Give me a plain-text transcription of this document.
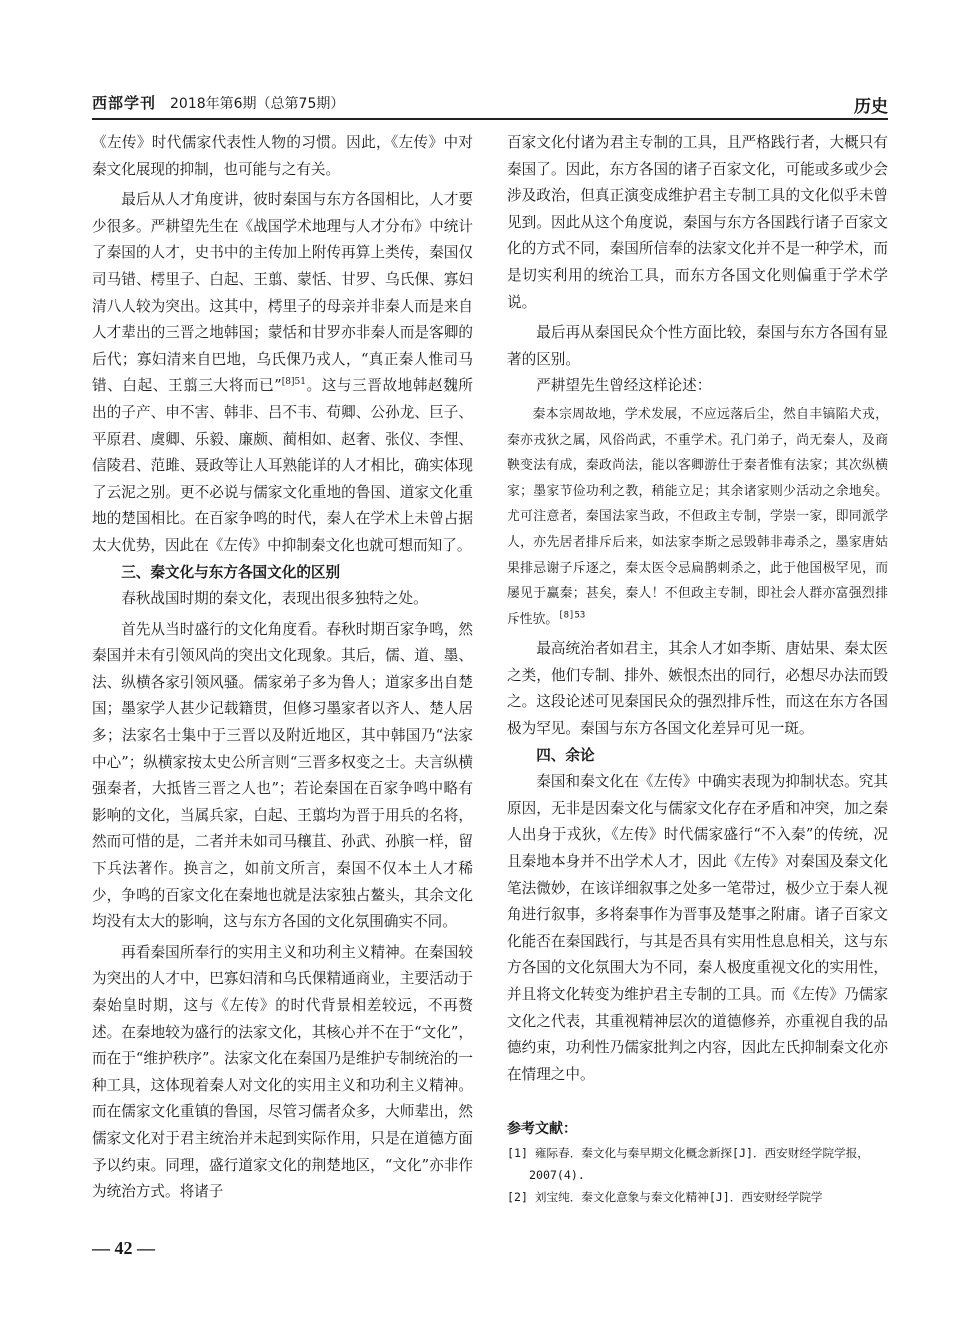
西部学刊 2018年第6期（总第75期）	历史

《左传》时代儒家代表性人物的习惯。因此，《左传》中对秦文化展现的抑制，也可能与之有关。

最后从人才角度讲，彼时秦国与东方各国相比，人才要少很多。严耕望先生在《战国学术地理与人才分布》中统计了秦国的人才，史书中的主传加上附传再算上类传，秦国仅司马错、樗里子、白起、王翦、蒙恬、甘罗、乌氏倮、寡妇清八人较为突出。这其中，樗里子的母亲并非秦人而是来自人才辈出的三晋之地韩国；蒙恬和甘罗亦非秦人而是客卿的后代；寡妇清来自巴地，乌氏倮乃戎人，“真正秦人惟司马错、白起、王翦三大将而已”$^{[8]51}$。这与三晋故地韩赵魏所出的子产、申不害、韩非、吕不韦、荀卿、公孙龙、巨子、平原君、虞卿、乐毅、廉颇、蔺相如、赵奢、张仪、李悝、信陵君、范雎、聂政等让人耳熟能详的人才相比，确实体现了云泥之别。更不必说与儒家文化重地的鲁国、道家文化重地的楚国相比。在百家争鸣的时代，秦人在学术上未曾占据太大优势，因此在《左传》中抑制秦文化也就可想而知了。

三、秦文化与东方各国文化的区别

春秋战国时期的秦文化，表现出很多独特之处。

首先从当时盛行的文化角度看。春秋时期百家争鸣，然秦国并未有引领风尚的突出文化现象。其后，儒、道、墨、法、纵横各家引领风骚。儒家弟子多为鲁人；道家多出自楚国；墨家学人甚少记载籍贯，但修习墨家者以齐人、楚人居多；法家名士集中于三晋以及附近地区，其中韩国乃“法家中心”；纵横家按太史公所言则“三晋多权变之士。夫言纵横强秦者，大抵皆三晋之人也”；若论秦国在百家争鸣中略有影响的文化，当属兵家，白起、王翦均为晋于用兵的名将，然而可惜的是，二者并未如司马穰苴、孙武、孙膑一样，留下兵法著作。换言之，如前文所言，秦国不仅本土人才稀少，争鸣的百家文化在秦地也就是法家独占鳌头，其余文化均没有太大的影响，这与东方各国的文化氛围确实不同。

再看秦国所奉行的实用主义和功利主义精神。在秦国较为突出的人才中，巴寡妇清和乌氏倮精通商业，主要活动于秦始皇时期，这与《左传》的时代背景相差较远，不再赘述。在秦地较为盛行的法家文化，其核心并不在于“文化”，而在于“维护秩序”。法家文化在秦国乃是维护专制统治的一种工具，这体现着秦人对文化的实用主义和功利主义精神。而在儒家文化重镇的鲁国，尽管习儒者众多，大师辈出，然儒家文化对于君主统治并未起到实际作用，只是在道德方面予以约束。同理，盛行道家文化的荆楚地区，“文化”亦非作为统治方式。将诸子

百家文化付诸为君主专制的工具，且严格践行者，大概只有秦国了。因此，东方各国的诸子百家文化，可能或多或少会涉及政治，但真正演变成维护君主专制工具的文化似乎未曾见到。因此从这个角度说，秦国与东方各国践行诸子百家文化的方式不同，秦国所信奉的法家文化并不是一种学术，而是切实利用的统治工具，而东方各国文化则偏重于学术学说。

最后再从秦国民众个性方面比较，秦国与东方各国有显著的区别。

严耕望先生曾经这样论述：

秦本宗周故地，学术发展，不应远落后尘，然自丰镐陷犬戎，秦亦戎狄之属，风俗尚武，不重学术。孔门弟子，尚无秦人，及商鞅变法有成，秦政尚法，能以客卿游仕于秦者惟有法家；其次纵横家；墨家节俭功利之教，稍能立足；其余诸家则少活动之余地矣。尤可注意者，秦国法家当政，不但政主专制，学崇一家，即同派学人，亦先居者排斥后来，如法家李斯之忌毁韩非毒杀之，墨家唐姑果排忌谢子斥逐之，秦太医令忌扁鹊刺杀之，此于他国极罕见，而屡见于赢秦；甚矣，秦人！不但政主专制，即社会人群亦富强烈排斥性欤。$^{[8]53}$

最高统治者如君主，其余人才如李斯、唐姑果、秦太医之类，他们专制、排外、嫉恨杰出的同行，必想尽办法而毁之。这段论述可见秦国民众的强烈排斥性，而这在东方各国极为罕见。秦国与东方各国文化差异可见一斑。

四、余论

秦国和秦文化在《左传》中确实表现为抑制状态。究其原因，无非是因秦文化与儒家文化存在矛盾和冲突，加之秦人出身于戎狄，《左传》时代儒家盛行“不入秦”的传统，况且秦地本身并不出学术人才，因此《左传》对秦国及秦文化笔法微妙，在该详细叙事之处多一笔带过，极少立于秦人视角进行叙事，多将秦事作为晋事及楚事之附庸。诸子百家文化能否在秦国践行，与其是否具有实用性息息相关，这与东方各国的文化氛围大为不同，秦人极度重视文化的实用性，并且将文化转变为维护君主专制的工具。而《左传》乃儒家文化之代表，其重视精神层次的道德修养，亦重视自我的品德约束，功利性乃儒家批判之内容，因此左氏抑制秦文化亦在情理之中。

参考文献：
[1] 雍际春．秦文化与秦早期文化概念新探[J]．西安财经学院学报，2007(4).
[2] 刘宝纯．秦文化意象与秦文化精神[J]．西安财经学院学
— 42 —
